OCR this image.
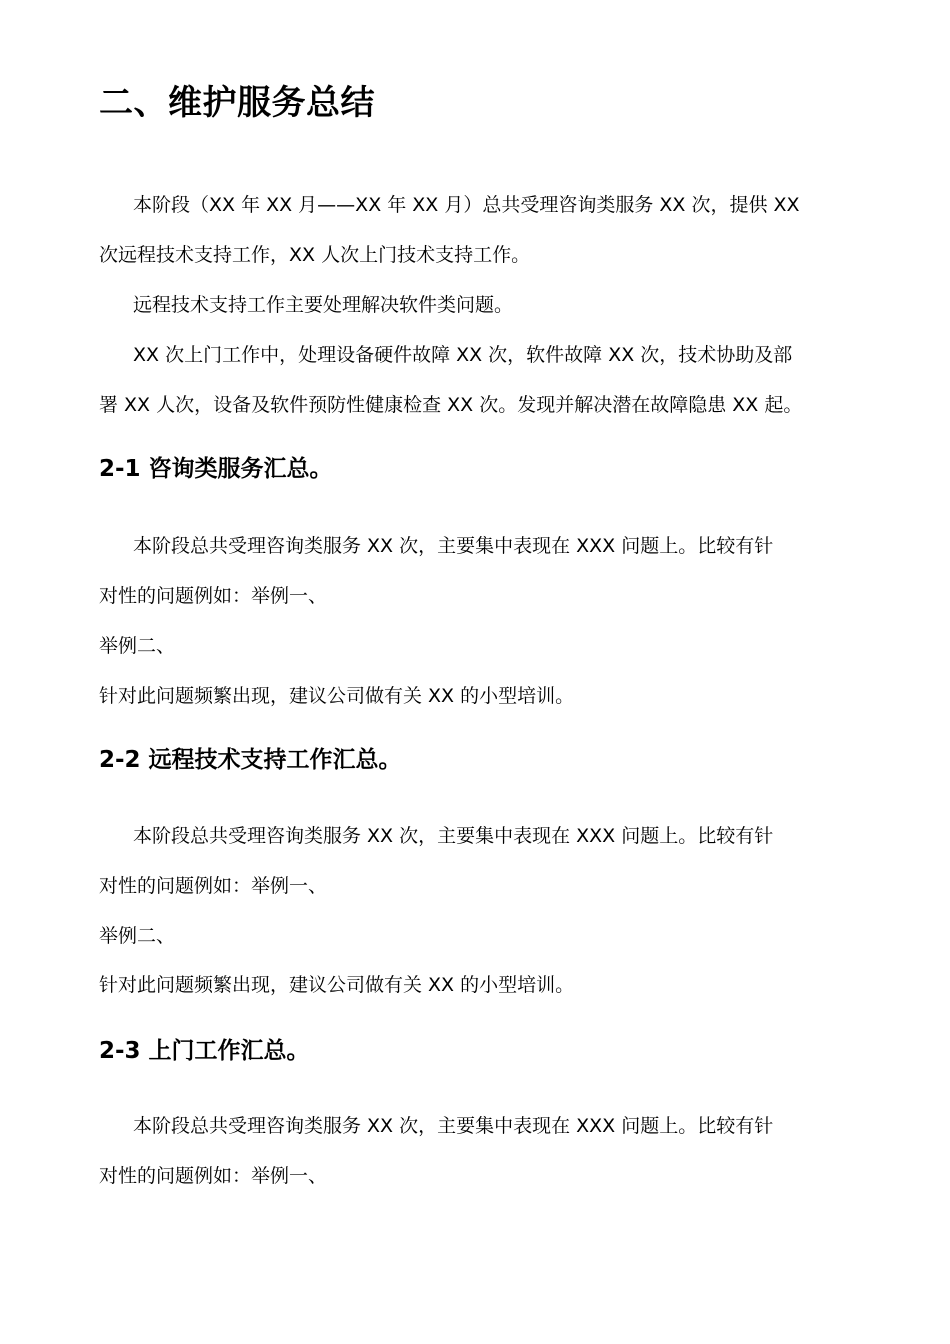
二、维护服务总结
本阶段（XX 年 XX 月——XX 年 XX 月）总共受理咨询类服务 XX 次，提供 XX
次远程技术支持工作，XX 人次上门技术支持工作。
远程技术支持工作主要处理解决软件类问题。
XX 次上门工作中，处理设备硬件故障 XX 次，软件故障 XX 次，技术协助及部
署 XX 人次，设备及软件预防性健康检查 XX 次。发现并解决潜在故障隐患 XX 起。
2-1 咨询类服务汇总。
本阶段总共受理咨询类服务 XX 次，主要集中表现在 XXX 问题上。比较有针
对性的问题例如：举例一、
举例二、
针对此问题频繁出现，建议公司做有关 XX 的小型培训。
2-2 远程技术支持工作汇总。
本阶段总共受理咨询类服务 XX 次，主要集中表现在 XXX 问题上。比较有针
对性的问题例如：举例一、
举例二、
针对此问题频繁出现，建议公司做有关 XX 的小型培训。
2-3 上门工作汇总。
本阶段总共受理咨询类服务 XX 次，主要集中表现在 XXX 问题上。比较有针
对性的问题例如：举例一、
